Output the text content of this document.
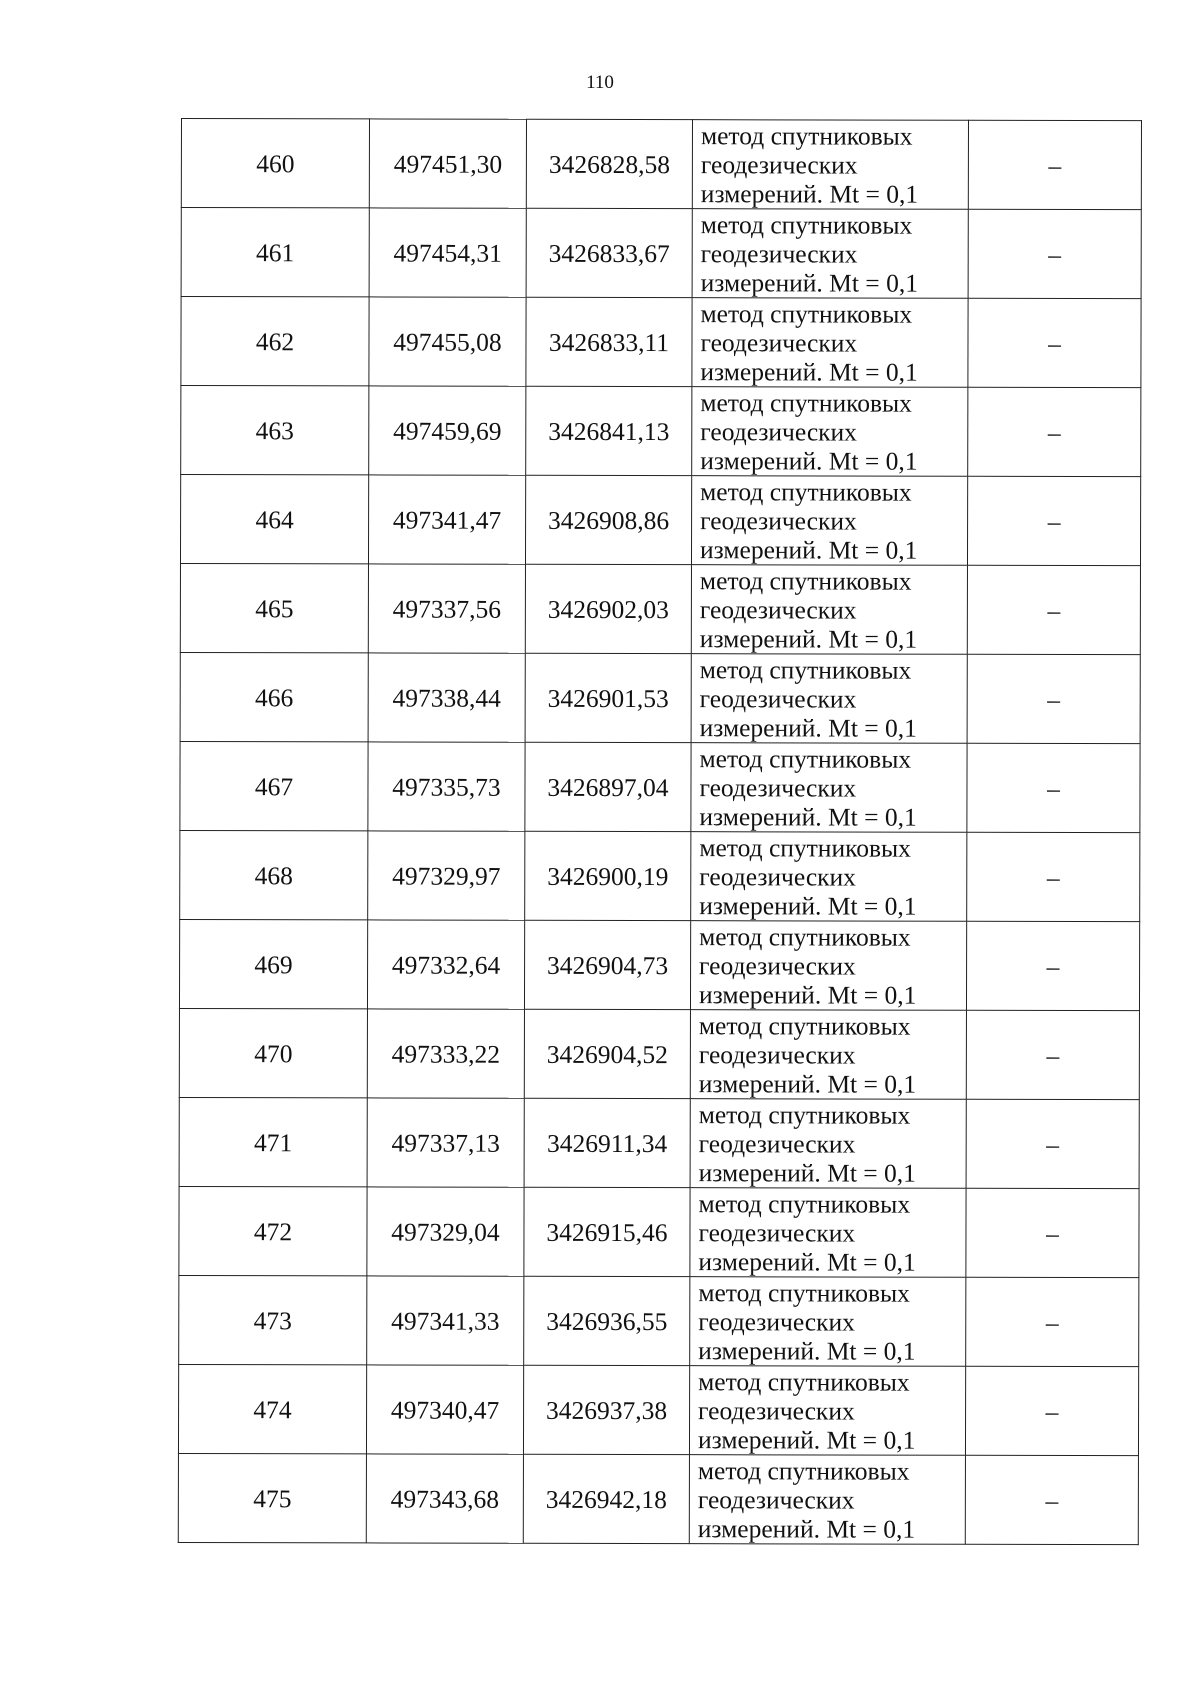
110
460	497451,30	3426828,58	метод спутниковых
геодезических
измерений. Mt = 0,1	–
461	497454,31	3426833,67	метод спутниковых
геодезических
измерений. Mt = 0,1	–
462	497455,08	3426833,11	метод спутниковых
геодезических
измерений. Mt = 0,1	–
463	497459,69	3426841,13	метод спутниковых
геодезических
измерений. Mt = 0,1	–
464	497341,47	3426908,86	метод спутниковых
геодезических
измерений. Mt = 0,1	–
465	497337,56	3426902,03	метод спутниковых
геодезических
измерений. Mt = 0,1	–
466	497338,44	3426901,53	метод спутниковых
геодезических
измерений. Mt = 0,1	–
467	497335,73	3426897,04	метод спутниковых
геодезических
измерений. Mt = 0,1	–
468	497329,97	3426900,19	метод спутниковых
геодезических
измерений. Mt = 0,1	–
469	497332,64	3426904,73	метод спутниковых
геодезических
измерений. Mt = 0,1	–
470	497333,22	3426904,52	метод спутниковых
геодезических
измерений. Mt = 0,1	–
471	497337,13	3426911,34	метод спутниковых
геодезических
измерений. Mt = 0,1	–
472	497329,04	3426915,46	метод спутниковых
геодезических
измерений. Mt = 0,1	–
473	497341,33	3426936,55	метод спутниковых
геодезических
измерений. Mt = 0,1	–
474	497340,47	3426937,38	метод спутниковых
геодезических
измерений. Mt = 0,1	–
475	497343,68	3426942,18	метод спутниковых
геодезических
измерений. Mt = 0,1	–
